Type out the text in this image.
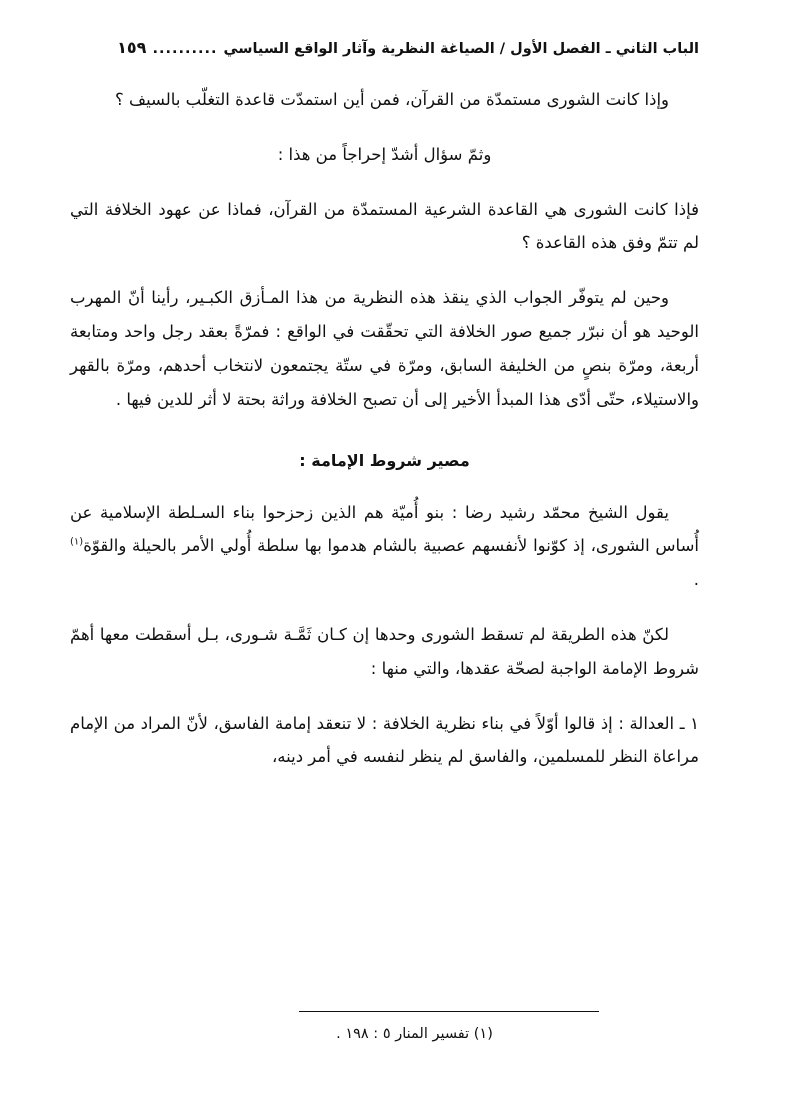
الباب الثاني ـ الفصل الأول / الصياغة النظرية وآثار الواقع السياسي
..........
١٥٩

وإذا كانت الشورى مستمدّة من القرآن، فمن أين استمدّت قاعدة التغلّب بالسيف ؟

وثمّ سؤال أشدّ إحراجاً من هذا :

فإذا كانت الشورى هي القاعدة الشرعية المستمدّة من القرآن، فماذا عن عهود الخلافة التي لم تتمّ وفق هذه القاعدة ؟

وحين لم يتوفّر الجواب الذي ينقذ هذه النظرية من هذا المـأزق الكبـير، رأينا أنّ المهرب الوحيد هو أن نبرّر جميع صور الخلافة التي تحقّقت في الواقع : فمرّةً بعقد رجل واحد ومتابعة أربعة، ومرّة بنصٍ من الخليفة السابق، ومرّة في ستّة يجتمعون لانتخاب أحدهم، ومرّة بالقهر والاستيلاء، حتّى أدّى هذا المبدأ الأخير إلى أن تصبح الخلافة وراثة بحتة لا أثر للدين فيها .

مصير شروط الإمامة :

يقول الشيخ محمّد رشيد رضا : بنو أُميّة هم الذين زحزحوا بناء السـلطة الإسلامية عن أُساس الشورى، إذ كوّنوا لأنفسهم عصبية بالشام هدموا بها سلطة أُولي الأمر بالحيلة والقوّة$^{(١)}$ .

لكنّ هذه الطريقة لم تسقط الشورى وحدها إن كـان ثَمَّـة شـورى، بـل أسقطت معها أهمّ شروط الإمامة الواجبة لصحّة عقدها، والتي منها :

١ ـ العدالة : إذ قالوا أوّلاً في بناء نظرية الخلافة : لا تنعقد إمامة الفاسق، لأنّ المراد من الإمام مراعاة النظر للمسلمين، والفاسق لم ينظر لنفسه في أمر دينه،

(١) تفسير المنار ٥ : ١٩٨ .
